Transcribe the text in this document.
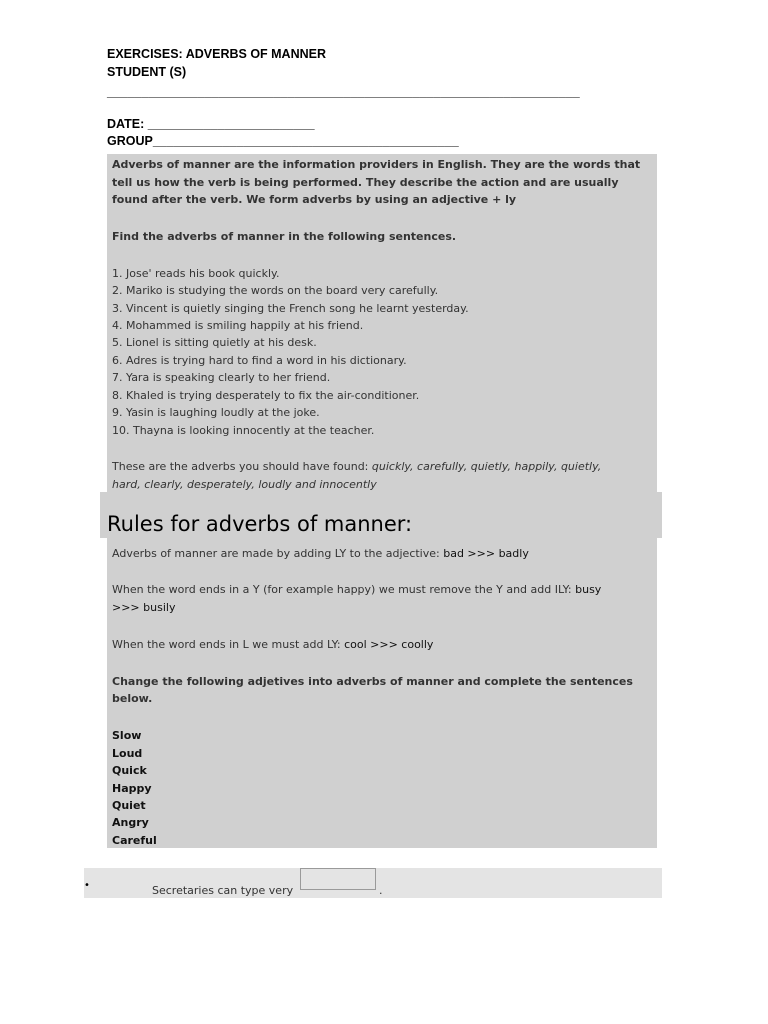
EXERCISES: ADVERBS OF MANNER
STUDENT (S)
____________________________________________________________________
DATE: ________________________
GROUP____________________________________________
Adverbs of manner are the information providers in English. They are the words that
tell us how the verb is being performed. They describe the action and are usually
found after the verb. We form adverbs by using an adjective + ly
Find the adverbs of manner in the following sentences.
1. Jose' reads his book quickly.
2. Mariko is studying the words on the board very carefully.
3. Vincent is quietly singing the French song he learnt yesterday.
4. Mohammed is smiling happily at his friend.
5. Lionel is sitting quietly at his desk.
6. Adres is trying hard to find a word in his dictionary.
7. Yara is speaking clearly to her friend.
8. Khaled is trying desperately to fix the air-conditioner.
9. Yasin is laughing loudly at the joke.
10. Thayna is looking innocently at the teacher.
These are the adverbs you should have found: quickly, carefully, quietly, happily, quietly,
hard, clearly, desperately, loudly and innocently
Rules for adverbs of manner:
Adverbs of manner are made by adding LY to the adjective: bad >>> badly
When the word ends in a Y (for example happy) we must remove the Y and add ILY: busy
>>> busily
When the word ends in L we must add LY: cool >>> coolly
Change the following adjetives into adverbs of manner and complete the sentences
below.
Slow
Loud
Quick
Happy
Quiet
Angry
Careful
•	Secretaries can type very	.
